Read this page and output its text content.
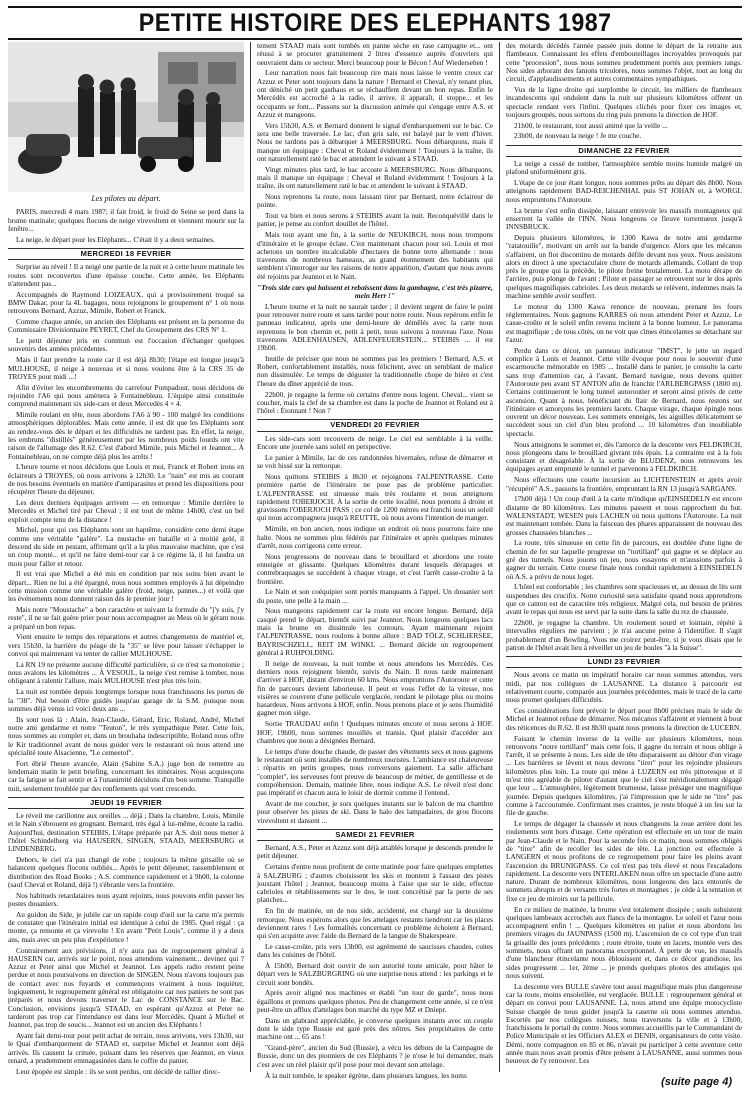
PETITE HISTOIRE DES ELEPHANTS 1987
Les pilotes au départ.

PARIS, mercredi 4 mars 1987; il fait froid, le froid de Seine se perd dans la brume matinale; quelques flocons de neige virevoltent et viennent mourir sur la fenêtre...

La neige, le départ pour les Eléphants... C'était il y a deux semaines.

MERCREDI 18 FEVRIER

Surprise au réveil ! Il a neigé une partie de la nuit et à cette heure matinale les routes sont recouvertes d'une épaisse couche. Cette année, les Eléphants n'attendent pas...

Accompagnés de Raymond LOIZEAUX, qui a provisoirement troqué sa BMW Dakar, pour la 4L bagages, nous rejoignons le groupement n° 1 où nous retrouvons Bernard, Azzuz, Mimile, Robert et Franck.

Comme chaque année, un ancien des Eléphants est présent en la personne du Commissaire Divisionnaire PEYRET, Chef du Groupement des CRS N° 1.

Le petit déjeuner pris en commun est l'occasion d'échanger quelques souvenirs des années précédentes.

Mais il faut prendre la route car il est déjà 8h30; l'étape est longue jusqu'à MULHOUSE, il neige à nouveau et si nous voulons être à la CRS 35 de TROYES pour midi ...!

Afin d'éviter les encombrements du carrefour Pompadour, nous décidons de rejoindre l'A6 qui nous amènera à Fontainebleau. L'équipe ainsi constituée comprend maintenant six side-cars et deux Mercedès 4 × 4.

Mimile roulant en tête, nous abordons l'A6 à 90 - 100 malgré les conditions atmosphériques déplorables. Mais cette année, il est dit que les Eléphants sont au rendez-vous dès le départ et les difficultés ne tardent pas. En effet, la neige, les embruns "distillés" généreusement par les nombreux poids lourds ont vite raison de l'allumage des R.62. C'est d'abord Mimile, puis Michel et Jeannot... À Fontainebleau, on ne compte déjà plus les arrêts !

L'heure tourne et nous décidons que Louis et moi, Franck et Robert irons en éclaireurs à TROYES, où nous arrivons à 12h30. Le "nain" est mis au courant de nos besoins éventuels en matière d'antiparasites et prend les dispositions pour récupérer l'heure du déjeuner.

Les deux derniers équipages arrivent — en remorque : Mimile derrière le Mercedès et Michel tiré par Cheval ; il est tout de même 14h00, c'est un bel exploit compte tenu de la distance !

Michel, pour qui ces Eléphants sont un baptême, considère cette demi étape comme une véritable "galère". La mustache en bataille et à moitié gelé, il descend du side en pestant, affirmant qu'il a la plus mauvaise machine, que c'est un coup monté... et qu'il ne faire demi-tour car à ce régime là, il lui faudra un mois pour l'aller et retour.

Il est vrai que Michel a été mis en condition par nos soins bien avant le départ... Rien ne lui a été épargné, nous nous sommes employés à lui dépeindre cette mission comme une véritable galère (froid, neige, pannes...) et voilà que les événements nous donnent raison dès le premier jour !

Mais notre "Moustache" a bon caractère et suivant la formule du "j'y suis, j'y reste", il ne se fait guère prier pour nous accompagner au Mess où le gérant nous a préparé un bon repas.

Vient ensuite le temps des réparations et autres changements de matériel et, vers 15h30, la barrière du péage de la "35" se lève pour laisser s'échapper le convoi qui maintenant va tenter de rallier MULHOUSE.

La RN 19 ne présente aucune difficulté particulière, si ce n'est sa monotonie ; nous avalons les kilomètres ... À VESOUL, la neige s'est remise à tomber, nous obligeant à ralentir l'allure, mais MULHOUSE n'est plus très loin.

La nuit est tombée depuis longtemps lorsque nous franchissons les portes de la "38". Nul besoin d'être guidés jusqu'au garage de la S.M. puisque nous sommes déjà venus ici voici deux ans ...

Ils sont tous là : Alain, Jean-Claude, Gérard, Eric, Roland, André, Michel notre ami gendarme et notre "Teuton", le très sympathique Peter. Cette fois, nous sommes au complet et, dans un brouhaha indescriptible, Roland nous offre le Kir traditionnel avant de nous guider vers le restaurant où nous attend une spécialité toute Alsacienne, "Le cemeetof".

Fort ébrié l'heure avancée, Alain (Sabine S.A.) juge bon de remettre au lendemain matin le petit briefing, concernant les itinéraires. Nous acquiesçons car la fatigue se fait sentir et à l'unanimité décidons d'un bon somme. Tranquille nuit, seulement troublée par des ronflements qui vont crescendo.

JEUDI 19 FEVRIER

Le réveil me carillonne aux oreilles ... déjà ; Dans la chambre, Louis, Mimile et le Nain s'ébrouent en grognant. Bernard, très égal à lui-même, écoute la radio. Aujourd'hui, destination STEIBIS, L'étape préparée par A.S. doit nous mener à l'hôtel Schindelberg via HAUSERN, SINGEN, STAAD, MEERSBURG et LINDENBERG.

Dehors, le ciel n'a pas changé de robe ; toujours la même grisaille où se balancent quelques flocons oubliés... Après le petit déjeuner, rassemblement et distribution des Road Books ; A.S. commence rapidement et à 9h00, la colonne (sauf Cheval et Roland, déjà !) s'ébranle vers la frontière.

Nos habituels retardataires nous ayant rejoints, nous pouvons enfin passer les postes douaniers.

Au guidon du Side, je jubile car un rapide coup d'œil sur la carte m'a permis de constater que l'itinéraire initial est identique à celui de 1985. Quel régal : ça monte, ça remonte et ça virevolte ! En avant "Petit Louis", comme il y a deux ans, mais avec un peu plus d'expérience !

Contrairement aux prévisions, il n'y aura pas de regroupement général à HAUSERN car, arrivés sur le point, nous attendons vainement... devinez qui ? Azzuz et Peter ainsi que Michel et Jeannot. Les appels radio restent peine perdue et nous poursuivons en direction de SINGEN. Nous n'avons toujours pas de contact avec nos fuyards et commençons vraiment à nous inquiéter, logiquement, le regroupement général est obligatoire car nos paniers ne sont pas préparés et nous devons traverser le Lac de CONSTANCE sur le Bac. Conclusion, envisions jusqu'à STAAD, en espérant qu'Azzuz et Peter ne tarderont pas trop car l'intendance est dans leur Mercédès. Quant à Michel et Jeannot, pas trop de soucis... Jeannot est un ancien des Eléphants !

Ayant fait demi-tour pour petit achat de terrain, nous arrivons, vers 13h30, sur le Quai d'embarquement de STAAD et, surprise Michel et Jeannot sont déjà arrivés. Ils causent la crituée, puisant dans les réserves que Jeannot, en vieux renard, a prudemment emmagasinées dans le coffre du panier.

Leur épopée est simple : ils se sont perdus, ont décidé de rallier direc-

tement STAAD mais sont tombés en panne sèche en rase campagne et... ont réussi à se procurer gratuitement 2 litres d'essence auprès d'ouvriers qui oeuvraient dans ce secteur. Merci beaucoup pour le Bécon ! Auf Wiedersehen !

Leur narration nous fait beaucoup rire mais nous laisse le ventre creux car Azzuz et Peter sont toujours dans la nature ! Bernard et Cheval, n'y tenant plus, ont déniché un petit gasthaus et se réchauffent devant un bon repas. Enfin le Mercédès est accroché à la radio, il arrive, il apparaît, il stoppe... et les occupants se font... Passons sur la discussion animée qui s'engage entre A.S. et Azzuz et mangeons.

Vers 15h30, A.S. et Bernard donnent le signal d'embarquement sur le bac. Ce sera une belle traversée. Le lac, d'un gris sale, est balayé par le vent d'hiver. Nous ne tardons pas à débarquer à MEERSBURG. Nous débarquons, mais il manque un équipage : Cheval et Roland évidemment ! Toujours à la traîne, ils ont naturellement raté le bac et attendent le suivant à STAAD.

Vingt minutes plus tard, le bac accoste à MEERSBURG. Nous débarquons, mais il manque un équipage : Cheval et Roland évidemment ! Toujours à la traîne, ils ont naturellement raté le bac et attendent le suivant à STAAD.

Nous reprenons la route, nous laissant tirer par Bernard, notre éclaireur de pointe.

Tout va bien et nous serons à STEIBIS avant la nuit. Reconquévillé dans le panier, je pense au confort douillet de l'hôtel.

Mais tout ayant une fin, à la sortie de NEUKIRCH, nous nous trompons d'itinéraire et le groupe éclate. C'est maintenant chacun pour soi. Louis et moi achetons un nombre incalculable d'hectares de bonne terre allemande : nous traversons de nombreux hameaux, au grand étonnement des habitants qui semblent s'interroger sur les raisons de notre apparition, d'autant que nous avons été rejoints par Jeannot et le Nain.

"Trois side cars qui baissent et rebaissent dans la gambagne, c'est très pizarre, mein Herr !"

L'heure tourne et la nuit ne saurait tarder ; il devient urgent de faire le point pour retrouver notre route et sans tarder pour notre route. Nous repérons enfin le panneau indicateur, après une demi-heure de démêlés avec la carte nous reprenons le bon chemin et, petit à petit, nous suivons à nouveau l'axe. Nous traversons ADLENHAUSEN, ADLENFEUERSTEIN... STEIBIS ... il est 19h00.

Inutile de préciser que nous ne sommes pas les premiers ! Bernard, A.S. et Robert, confortablement installés, nous félicitent, avec un semblant de malice non dissimulée. Le temps de déguster la traditionnelle chope de bière et c'est l'heure du dîner apprécié de tous.

22h00, je regagne la ferme où certains d'entre nous logent. Cheval... vient se coucher, mais la clef de sa chambre est dans la poche de Jeannot et Roland est à l'hôtel : Étonnant ! Non ?

VENDREDI 20 FEVRIER

Les side-cars sont recouverts de neige. Le ciel est semblable à la veille. Encore une journée sans soleil en perspective.

Le panier à Mimile, lac de ces randonnées hivernales, refuse de démarrer et se voit hissé sur la remorque.

Nous quittons STEIBIS à 8h30 et rejoignons l'ALPENTRASSE. Cette première partie de l'itinéraire ne pose pas de problème particulier. L'ALPENTRASSE est sinueuse mais très roulante et nous atteignons rapidement l'OBERJOCH. À la sortie de cette localité, nous prenons à droite et gravissons l'OBERJOCH PASS ; ce col de 1200 mètres est franchi sous un soleil qui nous accompagnera jusqu'à REUTTE, où nous avons l'intention de manger.

Mimile, en bon ancien, nous indique un endroit où nous pourrons faire une halte. Nous ne sommes plus fédérés par l'itinéraire et après quelques minutes d'arrêt, nous corrigeons cette erreur.

Nous progressons de nouveau dans le brouillard et abordons une route enneigée et glissante. Quelques kilomètres durant lesquels dérapages et contrebraquages se succèdent à chaque virage, et c'est l'arrêt casse-croûte à la frontière.

Le Nain et son coéquipier sont portés manquants à l'appel. Un douanier sort du poste, une pelle à la main ...

Nous mangeons rapidement car la route est encore longue. Bernard, déjà casqué prend le départ, bientôt suivi par Jeannot. Nous longeons quelques lacs mais la brume en dissimule les contours. Ayant maintenant rejoint l'ALPENTRASSE, nous roulons à bonne allure : BAD TÖLZ, SCHLIERSEE, BAYRISCHZELL, REIT IM WINKL ... Bernard décide un regroupement général à RUHPOLDING.

Il neige de nouveau, la nuit tombe et nous attendons les Mercédès. Ces derniers nous rejoignent bientôt, suivis du Nain. Il nous tarde maintenant d'arriver à HOF, distant d'environ 60 kms. Nous empruntons l'Autoroute et cette fin de parcours devient laborieuse. Il peut et vous l'effet de la vitesse, nos visières se couvrent d'une pellicule verglacée, rendant le pilotage plus ou moins hasardeux. Nous arrivons à HOF, enfin. Nous prenons place et je sens l'humidité gagner mon siège.

Sortie TRAUDAU enfin ! Quelques minutes encore et nous serons à HOF. HOF, 19h00, nous sommes mouillés et transis. Quel plaisir d'accéder aux chambres que nous a désignées Bernard.

Le temps d'une douche chaude, de passer des vêtements secs et nous gagnons le restaurant où sont installés de nombreux touristes. L'ambiance est chaleureuse : répartis en petits groupes, nous conversons gaiement. La salle affichant "complet", les serveuses font preuve de beaucoup de métier, de gentillesse et de compréhension. Demain, matinée libre, nous indique A.S. Le réveil n'est donc pas impératif et chacun aura le loisir de dormir comme il l'entend.

Avant de me coucher, je sors quelques instants sur le balcon de ma chambre pour observer les pistes de ski. Dans le halo des lampadaires, de gros flocons virevoltent et dansent ...

SAMEDI 21 FEVRIER

Bernard, A.S., Peter et Azzuz sont déjà attablés lorsque je descends prendre le petit déjeuner.

Certains d'entre nous profitent de cette matinée pour faire quelques emplettes à SALZBURG ; d'autres choisissent les skis et montent à l'assaut des pistes jouxtant l'hôtel ; Jeannot, beaucoup moins à l'aise que sur le side, effectue cabrioles et rétablissements sur le dos, le tout concrétisé par la perte de ses planches...

En fin de matinée, un de nos side, accidenté, est chargé sur la deuxième remorque. Nous espérons alors que les attelages restants tiendront car les places deviennent rares ! Les formalités concernant ce problème échoient à Bernard, qui s'en acquitte avec l'aide du Bernard de la langue de Shakespeare.

Le casse-croûte, pris vers 13h00, est agrémenté de saucisses chaudes, cuites dans les cuisines de l'hôtel.

À 15h00, Bernard doit ouvrir de son autorité toute amicale, pour hâter le départ vers le SALZBURGRING où une surprise nous attend : les parkings et le circuit sont bondés.

Après avoir aligné nos machines et établi "un tour de garde", nous nous égaillons et prenons quelques photos. Peu de changement cette année, si ce n'est peut-être un afflux d'attelages bon marché du type MZ et Dniepr.

Dans un glabrand appréciable, je converse quelques instants avec un couple dont le side type Russie est garé près des nôtres. Ses propriétaires de cette machine ont ... 65 ans !

"Grand-père", ancien du Sud (Russie), a vécu les débuts de la Campagne de Russie, donc un des pionniers de ces Eléphants ? je n'ose le lui demander, mais c'est avec un réel plaisir qu'il pose pour moi devant son attelage.

À la nuit tombée, le speaker égrène, dans plusieurs langues, les noms

des motards décédés l'année passée puis donne le départ de la retraite aux flambeaux. Connaissant les effets d'embouteillages incroyables provoqués par cette "procession", nous nous sommes prudemment portés aux premiers rangs. Nos sides arborant des fanions tricolores, nous sommes l'objet, tout au long du circuit, d'applaudissements et autres commentaires sympathiques.

Vus de la ligne droite qui surplombe le circuit, les milliers de flambeaux incandescents qui ondulent dans la nuit sur plusieurs kilomètres offrent un spectacle rendant vers l'infini. Quelques clichés pour fixer ces images et, toujours groupés, nous sortons du ring puis prenons la direction de HOF.

21h00, le restaurant, tout aussi animé que la veille ...

23h00, de nouveau la neige ! Je me couche.

DIMANCHE 22 FEVRIER

La neige a cessé de tomber, l'atmosphère semble moins humide malgré un plafond uniformément gris.

L'étape de ce jour étant longue, nous sommes prêts au départ dès 8h00. Nous atteignons rapidement BAD-REICHENHAL puis ST JOHAN et, à WORGL nous empruntons l'Autoroute.

La brume s'est enfin dissipée, laissant entrevoir les massifs montagneux qui enserrent la vallée de l'INN. Nous longeons ce fleuve torrentueux jusqu'à INNSBRUCK.

Depuis plusieurs kilomètres, le 1300 Kawa de notre ami gendarme "ratatouille", motivant un arrêt sur la bande d'urgence. Alors que les mécanos s'affairent, un flot discontinu de motards défile devant nos yeux. Nous assistons alors en direct à une spectaculaire chute de motards allemands. Collant de trop près le groupe qui la précède, le pilote freine brutalement. La moto dérape de l'arrière, puis plonge de l'avant ; Pilote et passager se retrouvent sur le dos après quelques magnifiques cabrioles. Les deux motards se relèvent, indemnes mais la machine semble avoir souffert.

Le moteur du 1300 Kawa renonce de nouveau, prenant les fours réglementaires. Nous gagnons KARRES où nous attendent Peter et Azzuz. Le casse-croûte et le soleil enfin revenu incitent à la bonne humeur. Le panorama est magnifique ; de tous côtés, on ne voit que cîmes étincelantes se détachant sur l'azur.

Perdu dans ce décor, un panneau indicateur "IMST", le jette un regard complice à Louis et Jeannot. Cette ville évoque pour nous le souvenir d'une escarmouche mémorable en 1985 ... Installé dans le panier, je consulte la carte sans trop d'attention car, à l'avant, Bernard navigue, nous devons quitter l'Autoroute peu avant ST ANTON afin de franchir l'ARLBERGPASS (1800 m). Certains continueront le long tunnel autoroutier et seront ainsi privés de cette ascension. Quant à nous, bénéficiant du flair de Bernard, nous restons sur l'itinéraire et amorçons les premiers lacets. Chaque virage, chaque épingle nous ouvrent un décor nouveau. Les sommets enneigés, les aiguilles délicatement se succèdent sous un ciel d'un bleu profond ... 10 kilomètres d'un inoubliable spectacle.

Nous atteignons le sommet et, dès l'amorce de la descente vers FELDKIRCH, nous plongeons dans le brouillard givrant très épais. La contrainte est à la fois consistant et désagréable. À la sortie de BLUDENZ, nous retrouvons les équipages ayant emprunté le tunnel et parvenons à FELDKIRCH.

Nous effectuons une courte incursion au LICHTENSTEIN et après avoir "récupéré" A.S., passons la frontière, empruntant la RN 13 jusqu'à SARGANS.

17h00 déjà ! Un coup d'œil à la carte m'indique qu'EINSIEDELN est encore distante de 80 kilomètres. Les minutes passent et nous rapprochent du but. WALENSTADT, WESEN puis LACHEN où nous quittons l'Autoroute. La nuit est maintenant tombée. Dans la faisceau des phares apparaissent de nouveau des grosses chaussées blanches ...

La route, très sinueuse en cette fin de parcours, est doublée d'une ligne de chemin de fer sur laquelle progresse un "tortillard" qui gagne et se déplace au gré des tunnels. Nous jouons un jeu, nous essayons et m'aussions parfois à gagner du terrain. Cette course finale nous conduit rapidement à EINSIEDELN où A.S. a prévu de nous loger.

L'hôtel est confortable ; les chambres sont spacieuses et, au dessus de lits sont suspendues des crucifix. Notre curiosité sera satisfaite quand nous apprendrons que ce canton est de caractère très religieux. Malgré cela, nul besoin de prières avant le repas qui nous est servi par la suite dans la salle du rez de chaussée.

22h00, je regagne la chambre. Un roulement sourd et lointain, répété à intervalles réguliers me parvient ; je n'ai aucune peine à l'identifier. Il s'agit probablement d'un Bowling. Vous me croirez peut-être, si je vous disais que le patron de l'hôtel avait lieu à réveiller un jeu de boules "à la Suisse".

LUNDI 23 FEVRIER

Nous avons ce matin un impératif horaire car nous sommes attendus, vers midi, par nos collègues de LAUSANNE. La distance à parcourir est relativement courte, comparée aux journées précédentes, mais le tracé de la carte nous promet quelques difficultés.

Ces considérations font prévoir le départ pour 8h00 précises mais le side de Michel et Jeannot refuse de démarrer. Nos mécanos s'affairent et viennent à bout des réticences du R.62. Il est 8h30 quant nous prenons la direction de LUCERN.

Faisant le chemin inverse de la veille sur plusieurs kilomètres, nous retrouvons "notre tortillard" mais cette fois, il gagne du terrain et nous oblige à l'arrêt, il se présente à nous. Les side de tête disparaissent au détour d'un virage ... Les barrières se lèvent et nous devrons "tirer" pour les rejoindre plusieurs kilomètres plus loin. La route qui mène à LUZERN est très pittoresque et il m'est très agréable de piloter d'autant que le ciel s'est méridionalement dégagé que leur ... L'atmosphère, légèrement brumeuse, laisse présager une magnifique journée. Depuis quelques kilomètres, j'ai l'impression que le side ne "tire" pas comme à l'accoutumée. Confirmant mes craintes, je reste bloqué à un feu sur la file de gauche.

Le temps de dégager la chaussée et nous changeons la roue arrière dont les roulements sont hors d'usage. Cette opération est effectuée en un tour de main par Jean-Claude et le Nain. Pour la seconde fois ce matin, nous sommes obligés de "tirer" afin de recoller les sides de tête. La jonction est effectuée à LANGERN et nous profitons de ce regroupement pour faire les pleins avant l'ascension du BRUNIGPASS. Ce col n'est pas très élevé et nous l'escaladons rapidement. La descente vers INTERLAKEN nous offre un spectacle d'une autre nature. Durant de nombreux kilomètres, nous longeons des lacs entourés de sommets abrupts et de versants très fortes et montagnes ; je cède à la tentation et fixe ce jeu de miroirs sur la pellicule.

En ce milieu de matinée, la brume s'est totalement dissipée ; seuls subsistent quelques lambeaux accrochés aux flancs de la montagne. Le soleil et l'azur nous accompagnent enfin ! ... Quelques kilomètres en palier et nous abordons les premiers virages du JAUNPASS (1500 m). L'ascension de ce col type d'un trait la grisaille des jours précédents ; route étroite, toute en lacets, montée vers des sommets, nous offrant un panorama exceptionnel. À perte de vue, les massifs d'une blancheur étincelante nous éblouissent et, dans ce décor grandiose, les sides progressent ... 1er, 2ème ... je prends quelques photos des attelages qui nous suivent.

La descente vers BULLE s'avère tout aussi magnifique mais plus dangereuse car la route, moins ensoleillée, est verglacée. BULLE : regroupement général et départ en convoi pour LAUSANNE. Là, nous attend une équipe motocycliste Suisse chargée de nous guider jusqu'à la caserne où nous sommes attendus. Escortés par nos collègues suisses, nous traversons la ville et à 13h00, franchissons le portail du centre. Nous sommes accueillis par le Commandant de Police Municipale et les Officiers ALEX et DENIS, organisateurs de cette visite. Démi, notre compagnon en 85 et 86, n'avait pu participer à cette aventure cette année mais nous avait promis d'être présent à LAUSANNE, aussi sommes nous heureux de l'y retrouver. Les

(suite page 4)
